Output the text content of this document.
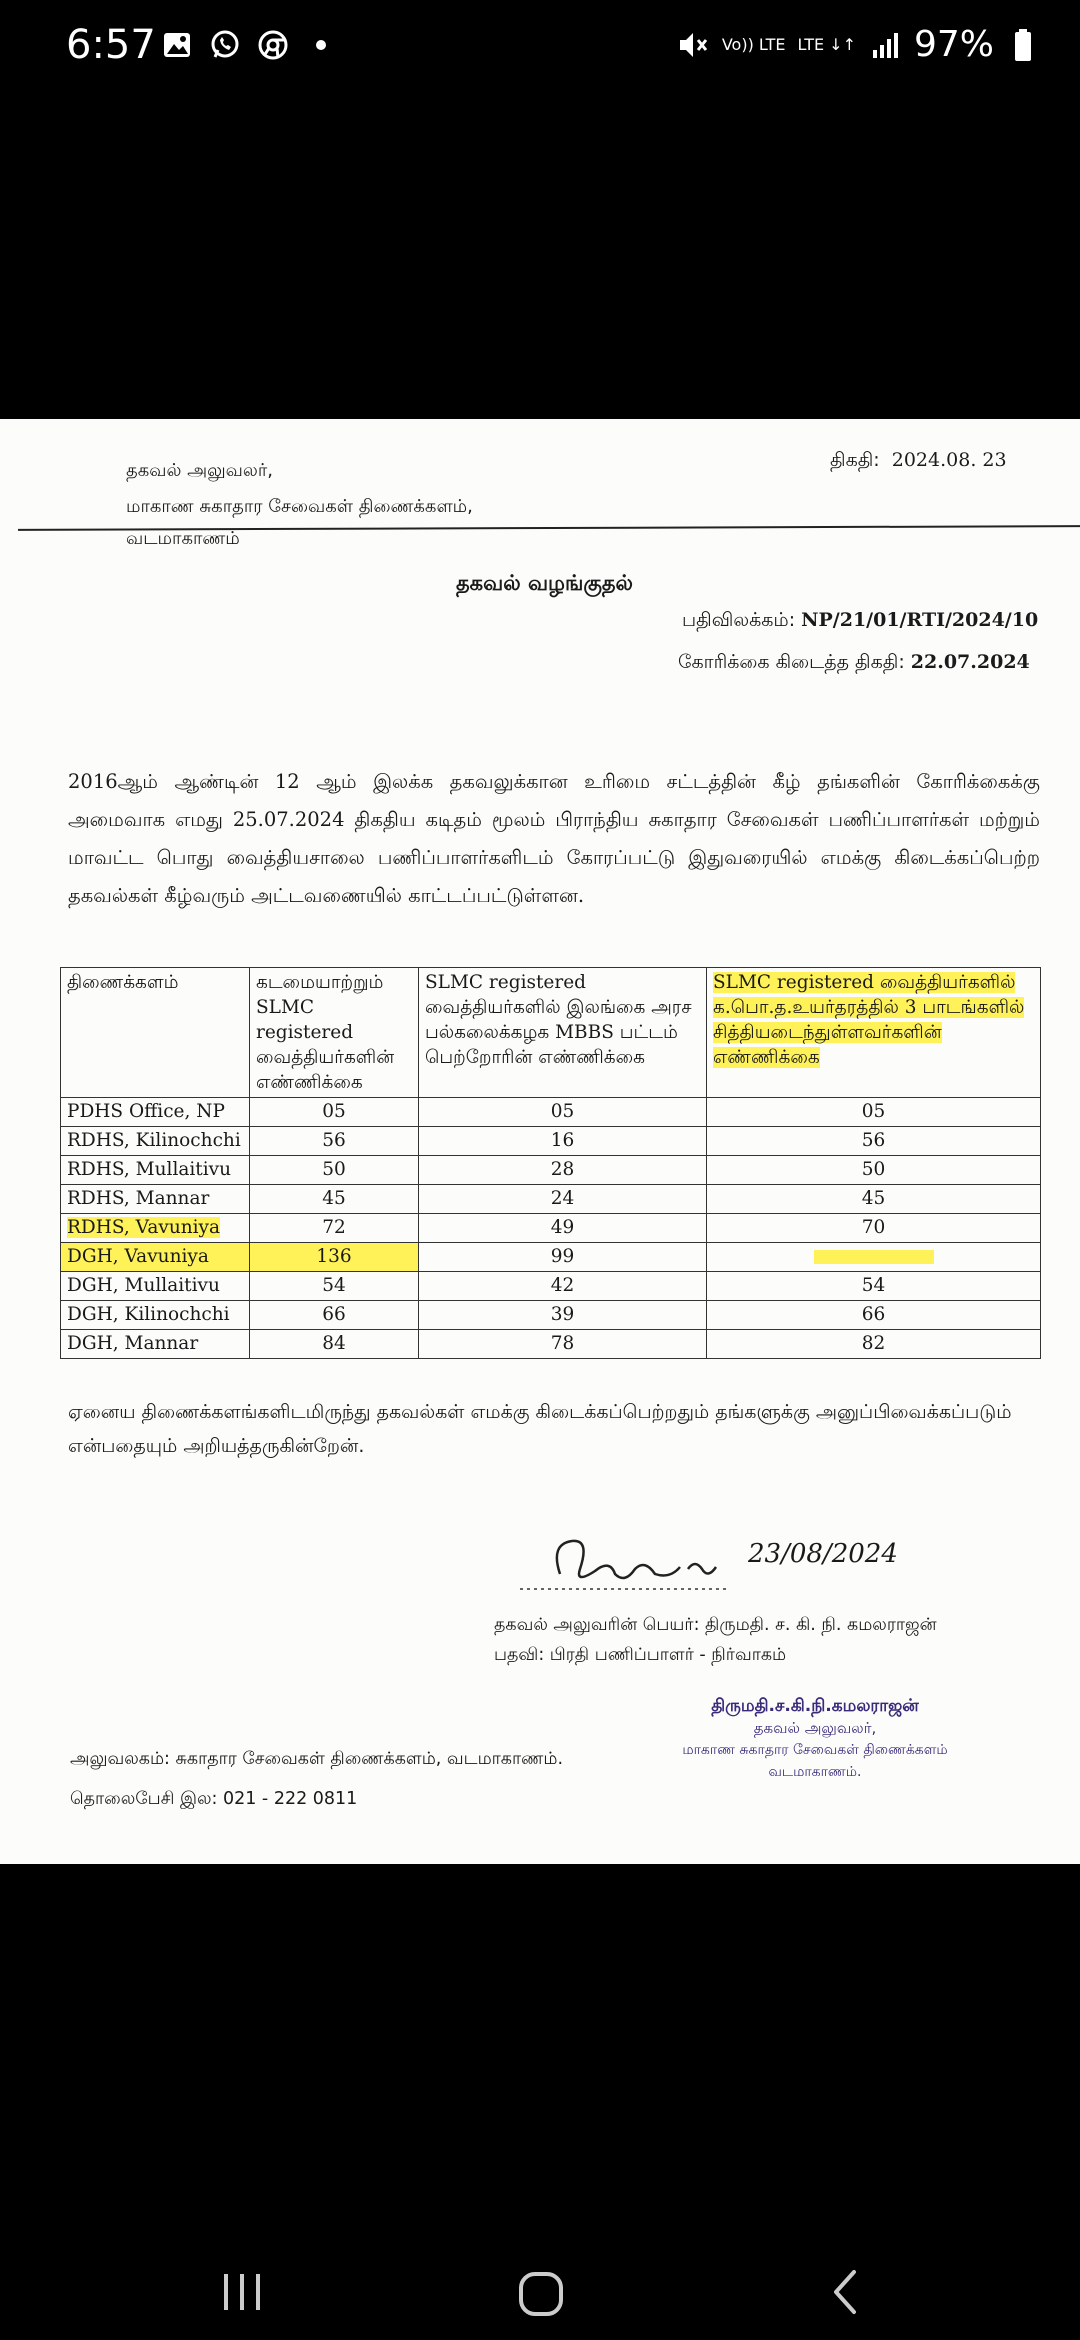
6:57	Vo)) LTE LTE ↓↑ 97%
தகவல் அலுவலர்,
மாகாண சுகாதார சேவைகள் திணைக்களம்,
வடமாகாணம்
திகதி: 2024.08. 23
தகவல் வழங்குதல்
பதிவிலக்கம்: NP/21/01/RTI/2024/10
கோரிக்கை கிடைத்த திகதி: 22.07.2024
2016ஆம் ஆண்டின் 12 ஆம் இலக்க தகவலுக்கான உரிமை சட்டத்தின் கீழ் தங்களின் கோரிக்கைக்கு அமைவாக எமது 25.07.2024 திகதிய கடிதம் மூலம் பிராந்திய சுகாதார சேவைகள் பணிப்பாளர்கள் மற்றும் மாவட்ட பொது வைத்தியசாலை பணிப்பாளர்களிடம் கோரப்பட்டு இதுவரையில் எமக்கு கிடைக்கப்பெற்ற தகவல்கள் கீழ்வரும் அட்டவணையில் காட்டப்பட்டுள்ளன.
திணைக்களம்	கடமையாற்றும் SLMC registered வைத்தியர்களின் எண்ணிக்கை	SLMC registered வைத்தியர்களில் இலங்கை அரச பல்கலைக்கழக MBBS பட்டம் பெற்றோரின் எண்ணிக்கை	SLMC registered வைத்தியர்களில் க.பொ.த.உயர்தரத்தில் 3 பாடங்களில் சித்தியடைந்துள்ளவர்களின் எண்ணிக்கை
PDHS Office, NP	05	05	05
RDHS, Kilinochchi	56	16	56
RDHS, Mullaitivu	50	28	50
RDHS, Mannar	45	24	45
RDHS, Vavuniya	72	49	70
DGH, Vavuniya	136	99	
DGH, Mullaitivu	54	42	54
DGH, Kilinochchi	66	39	66
DGH, Mannar	84	78	82
ஏனைய திணைக்களங்களிடமிருந்து தகவல்கள் எமக்கு கிடைக்கப்பெற்றதும் தங்களுக்கு அனுப்பிவைக்கப்படும் என்பதையும் அறியத்தருகின்றேன்.
23/08/2024
தகவல் அலுவரின் பெயர்: திருமதி. ச. கி. நி. கமலராஜன்
பதவி: பிரதி பணிப்பாளர் - நிர்வாகம்
திருமதி.ச.கி.நி.கமலராஜன்
தகவல் அலுவலர்,
மாகாண சுகாதார சேவைகள் திணைக்களம்
வடமாகாணம்.
அலுவலகம்: சுகாதார சேவைகள் திணைக்களம், வடமாகாணம்.
தொலைபேசி இல: 021 - 222 0811
